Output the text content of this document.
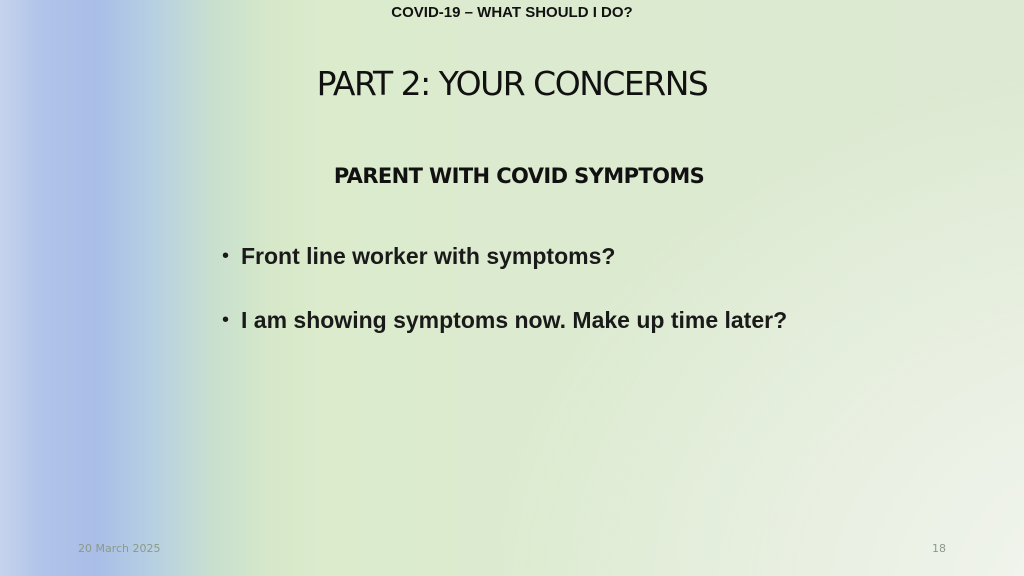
COVID-19 – WHAT SHOULD I DO?
PART 2: YOUR CONCERNS
PARENT WITH COVID SYMPTOMS
• Front line worker with symptoms?
• I am showing symptoms now. Make up time later?
20 March 2025	18
